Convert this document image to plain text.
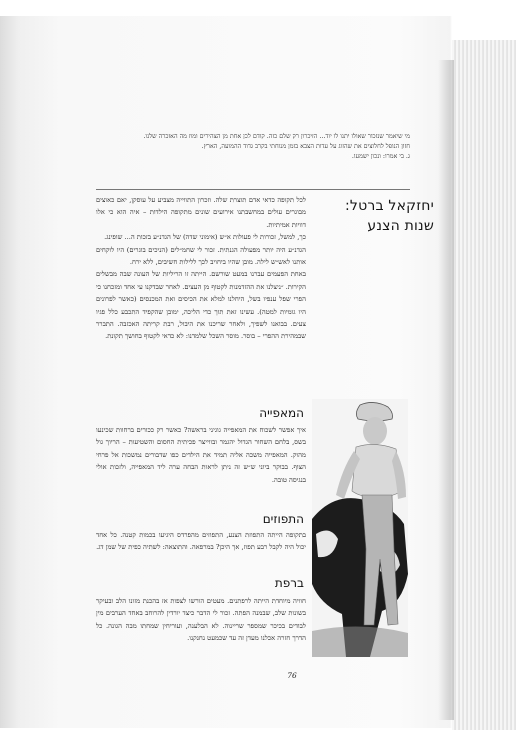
מי שיאמר שנזכור שאולו יתנו לו יוד... הזיכרון רק שלם כזה. קודם לכן אחת מן הצהירים ומוז מה האזכרה שלנו.

חזון הנופל לחלוצים את שהזוג על עדות הצבא בזמן מנוחתי בקרב גדוד ההמועה, הארץ.

ג. בי אמרו: ונכון ישמעו.

יחזקאל ברטל:
שנות הצנע

לכל תקופה כדאי אדם תוצרת שלה. וזכרון התווייה מצביע על עוסקן, יאם כאוצים מבוגרים עולים במחשבתנו אירועים שונים מתקופה הילדות – איה הוא כי אלו דוויות אמיתיות.

כך, למשל, זכורות לי פעולות א״ש (אימוני שדה) של הגדנ״ע בזכות ה... שופינג.

הגדנ״ע היה יותר מפעולה הגנתית. זכור לי שחמ״לים (הניכים בוגרים) היו לוקחים אותנו לאש״ש לילה. מובן שהיו ביחויב לכך ללילות חשיבים, ללא ירח.

באחת הפעמים עברנו במעט שורשם. הייתה זו הריליות של העונה שבה מבשלים הקירות. ״ניצלנו את ההזדמנות לקטוף מן העצים. לאחר שבדקנו עי אחד ומזכחנו כי הפרי שפל ענפיו בשל, היחלנו למלא את הכיסים ואת המכנסים (כאשר לפרונים היו גומיות למטה). עשינו זאת תוך כדי הליכה, ימובן שהקפיד התכבע כלל פגיו צעים. בבואנו לשפיך, ולאחר שריכנו את היבול, רבת קריתה האכזבה. התברר שבמהירת ההפרי – בוסר. מוסר השכל שלמדנו: לא כדאי לקטוף בחושך תקונת.

המאפייה

איך אפשר לשכוח את המאפייה גוגיני בראשה? כאשר רק ככורים ברחוות שכינעו בשס, בלחם השחור הגדול יהגמר ובווייצר פכיתית החסום והשטיעות – הריוך גול מהוק. המאפייה משכה אליה תמיד את הילדים כפו שדבורים נמשכות אל פרחי הצוף. בבוקר ביוני ש״ש זה ניתן לראות הבחה ערה ליד המאפייה, ולזכות אולי בנגיסה טובה.

התפוזים

בתקופה הייתה התפוזת הצנע, התפוזים מהפרדס היגיעו בכמות קטנה. כל אחד יכול היה לקבל רבע תפוז, אך היכן? במרפאה. והתוצאה: לשתיה כפית של שמן דג.

ברפת

חוויה מיוחדת הייתה לרפתנים. מעטים הורשו לצפות אז בהכנת מזונו הלב ובעיקר בשונות שלב, שבמנה הפתה. זכור לי הדבר כיצד יורדין להרוחב באחד הערבים מין לבודים בכיכר שמספר שריינוה. לא הבלענה, ועוריחין שמחתו מבה הגונה. כל הדרך חזרה אכלנו מעדן זה עד שכמעט נחנקנו.

76
